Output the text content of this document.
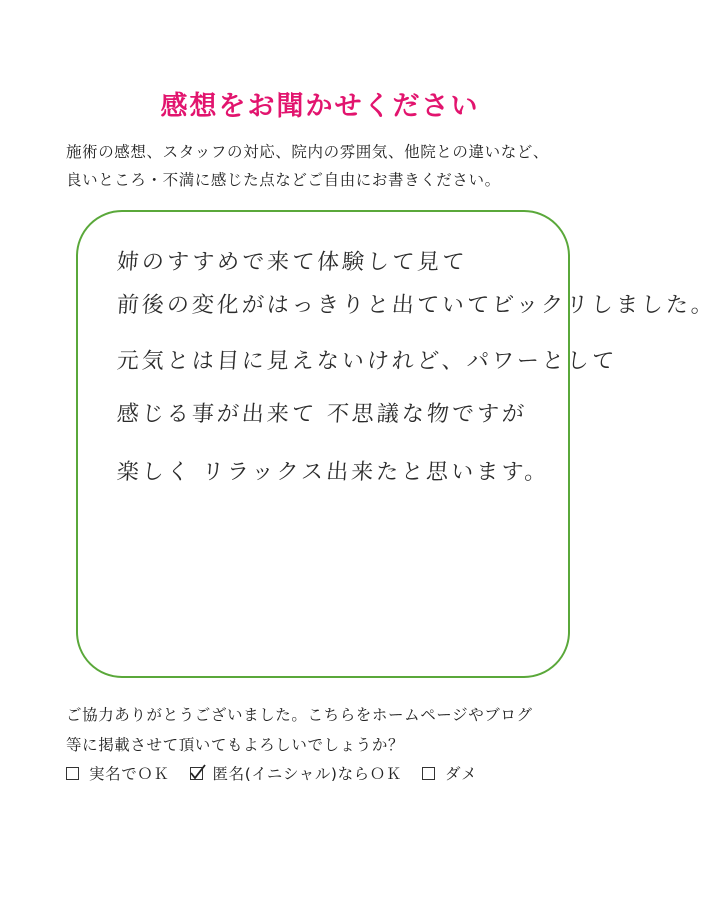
感想をお聞かせください
施術の感想、スタッフの対応、院内の雰囲気、他院との違いなど、
良いところ・不満に感じた点などご自由にお書きください。
姉のすすめで来て体験して見て
前後の変化がはっきりと出ていてビックリしました。
元気とは目に見えないけれど、パワーとして
感じる事が出来て 不思議な物ですが
楽しく リラックス出来たと思います。
ご協力ありがとうございました。こちらをホームページやブログ
等に掲載させて頂いてもよろしいでしょうか？
実名でＯＫ	匿名(イニシャル)ならＯＫ	ダメ
